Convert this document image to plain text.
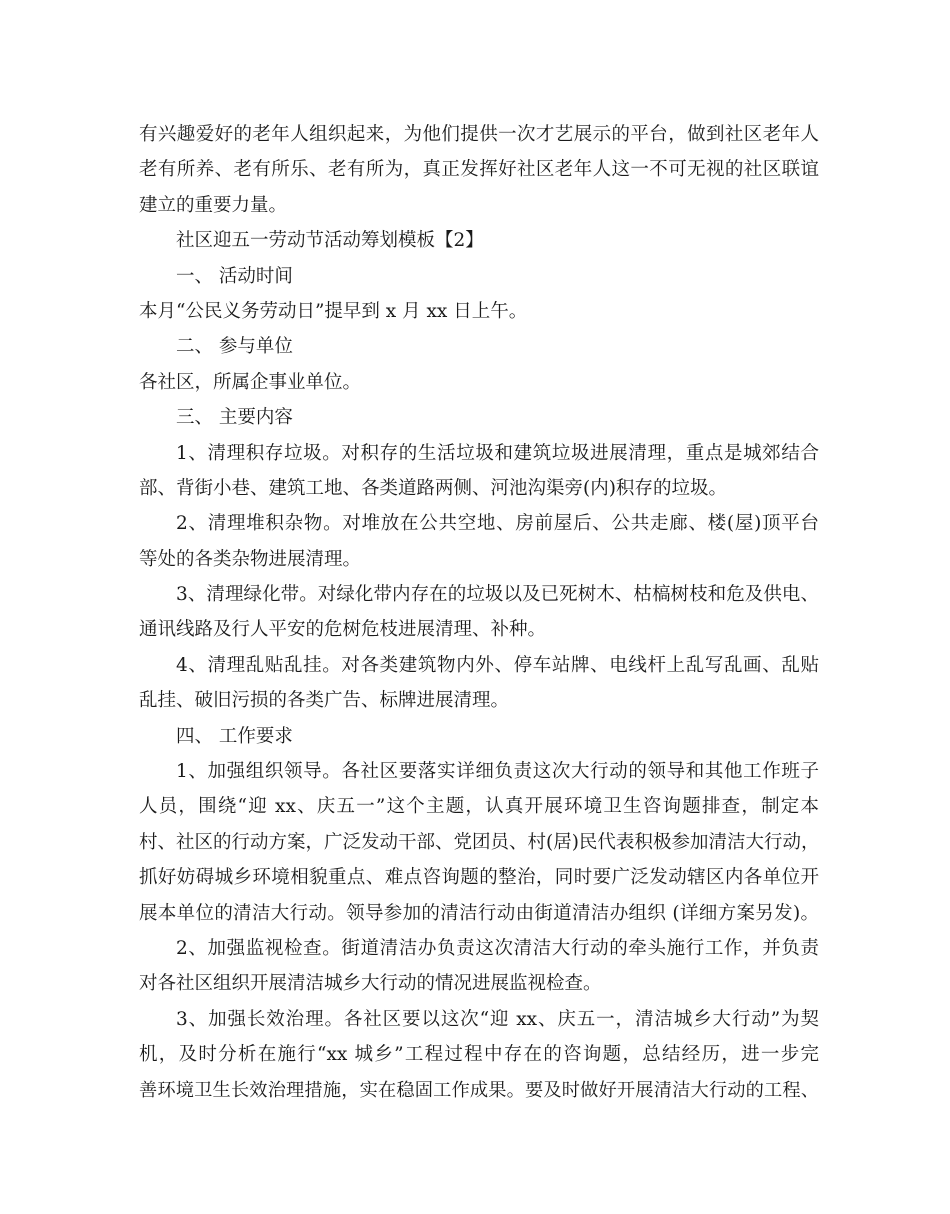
有兴趣爱好的老年人组织起来，为他们提供一次才艺展示的平台，做到社区老年人
老有所养、老有所乐、老有所为，真正发挥好社区老年人这一不可无视的社区联谊
建立的重要力量。
社区迎五一劳动节活动筹划模板【2】
一、 活动时间
本月“公民义务劳动日”提早到 x 月 xx 日上午。
二、 参与单位
各社区，所属企事业单位。
三、 主要内容
1、清理积存垃圾。对积存的生活垃圾和建筑垃圾进展清理，重点是城郊结合
部、背街小巷、建筑工地、各类道路两侧、河池沟渠旁(内)积存的垃圾。
2、清理堆积杂物。对堆放在公共空地、房前屋后、公共走廊、楼(屋)顶平台
等处的各类杂物进展清理。
3、清理绿化带。对绿化带内存在的垃圾以及已死树木、枯槁树枝和危及供电、
通讯线路及行人平安的危树危枝进展清理、补种。
4、清理乱贴乱挂。对各类建筑物内外、停车站牌、电线杆上乱写乱画、乱贴
乱挂、破旧污损的各类广告、标牌进展清理。
四、 工作要求
1、加强组织领导。各社区要落实详细负责这次大行动的领导和其他工作班子
人员，围绕“迎 xx、庆五一”这个主题，认真开展环境卫生咨询题排查，制定本
村、社区的行动方案，广泛发动干部、党团员、村(居)民代表积极参加清洁大行动，
抓好妨碍城乡环境相貌重点、难点咨询题的整治，同时要广泛发动辖区内各单位开
展本单位的清洁大行动。领导参加的清洁行动由街道清洁办组织 (详细方案另发)。
2、加强监视检查。街道清洁办负责这次清洁大行动的牵头施行工作，并负责
对各社区组织开展清洁城乡大行动的情况进展监视检查。
3、加强长效治理。各社区要以这次“迎 xx、庆五一，清洁城乡大行动”为契
机，及时分析在施行“xx 城乡”工程过程中存在的咨询题，总结经历，进一步完
善环境卫生长效治理措施，实在稳固工作成果。要及时做好开展清洁大行动的工程、
